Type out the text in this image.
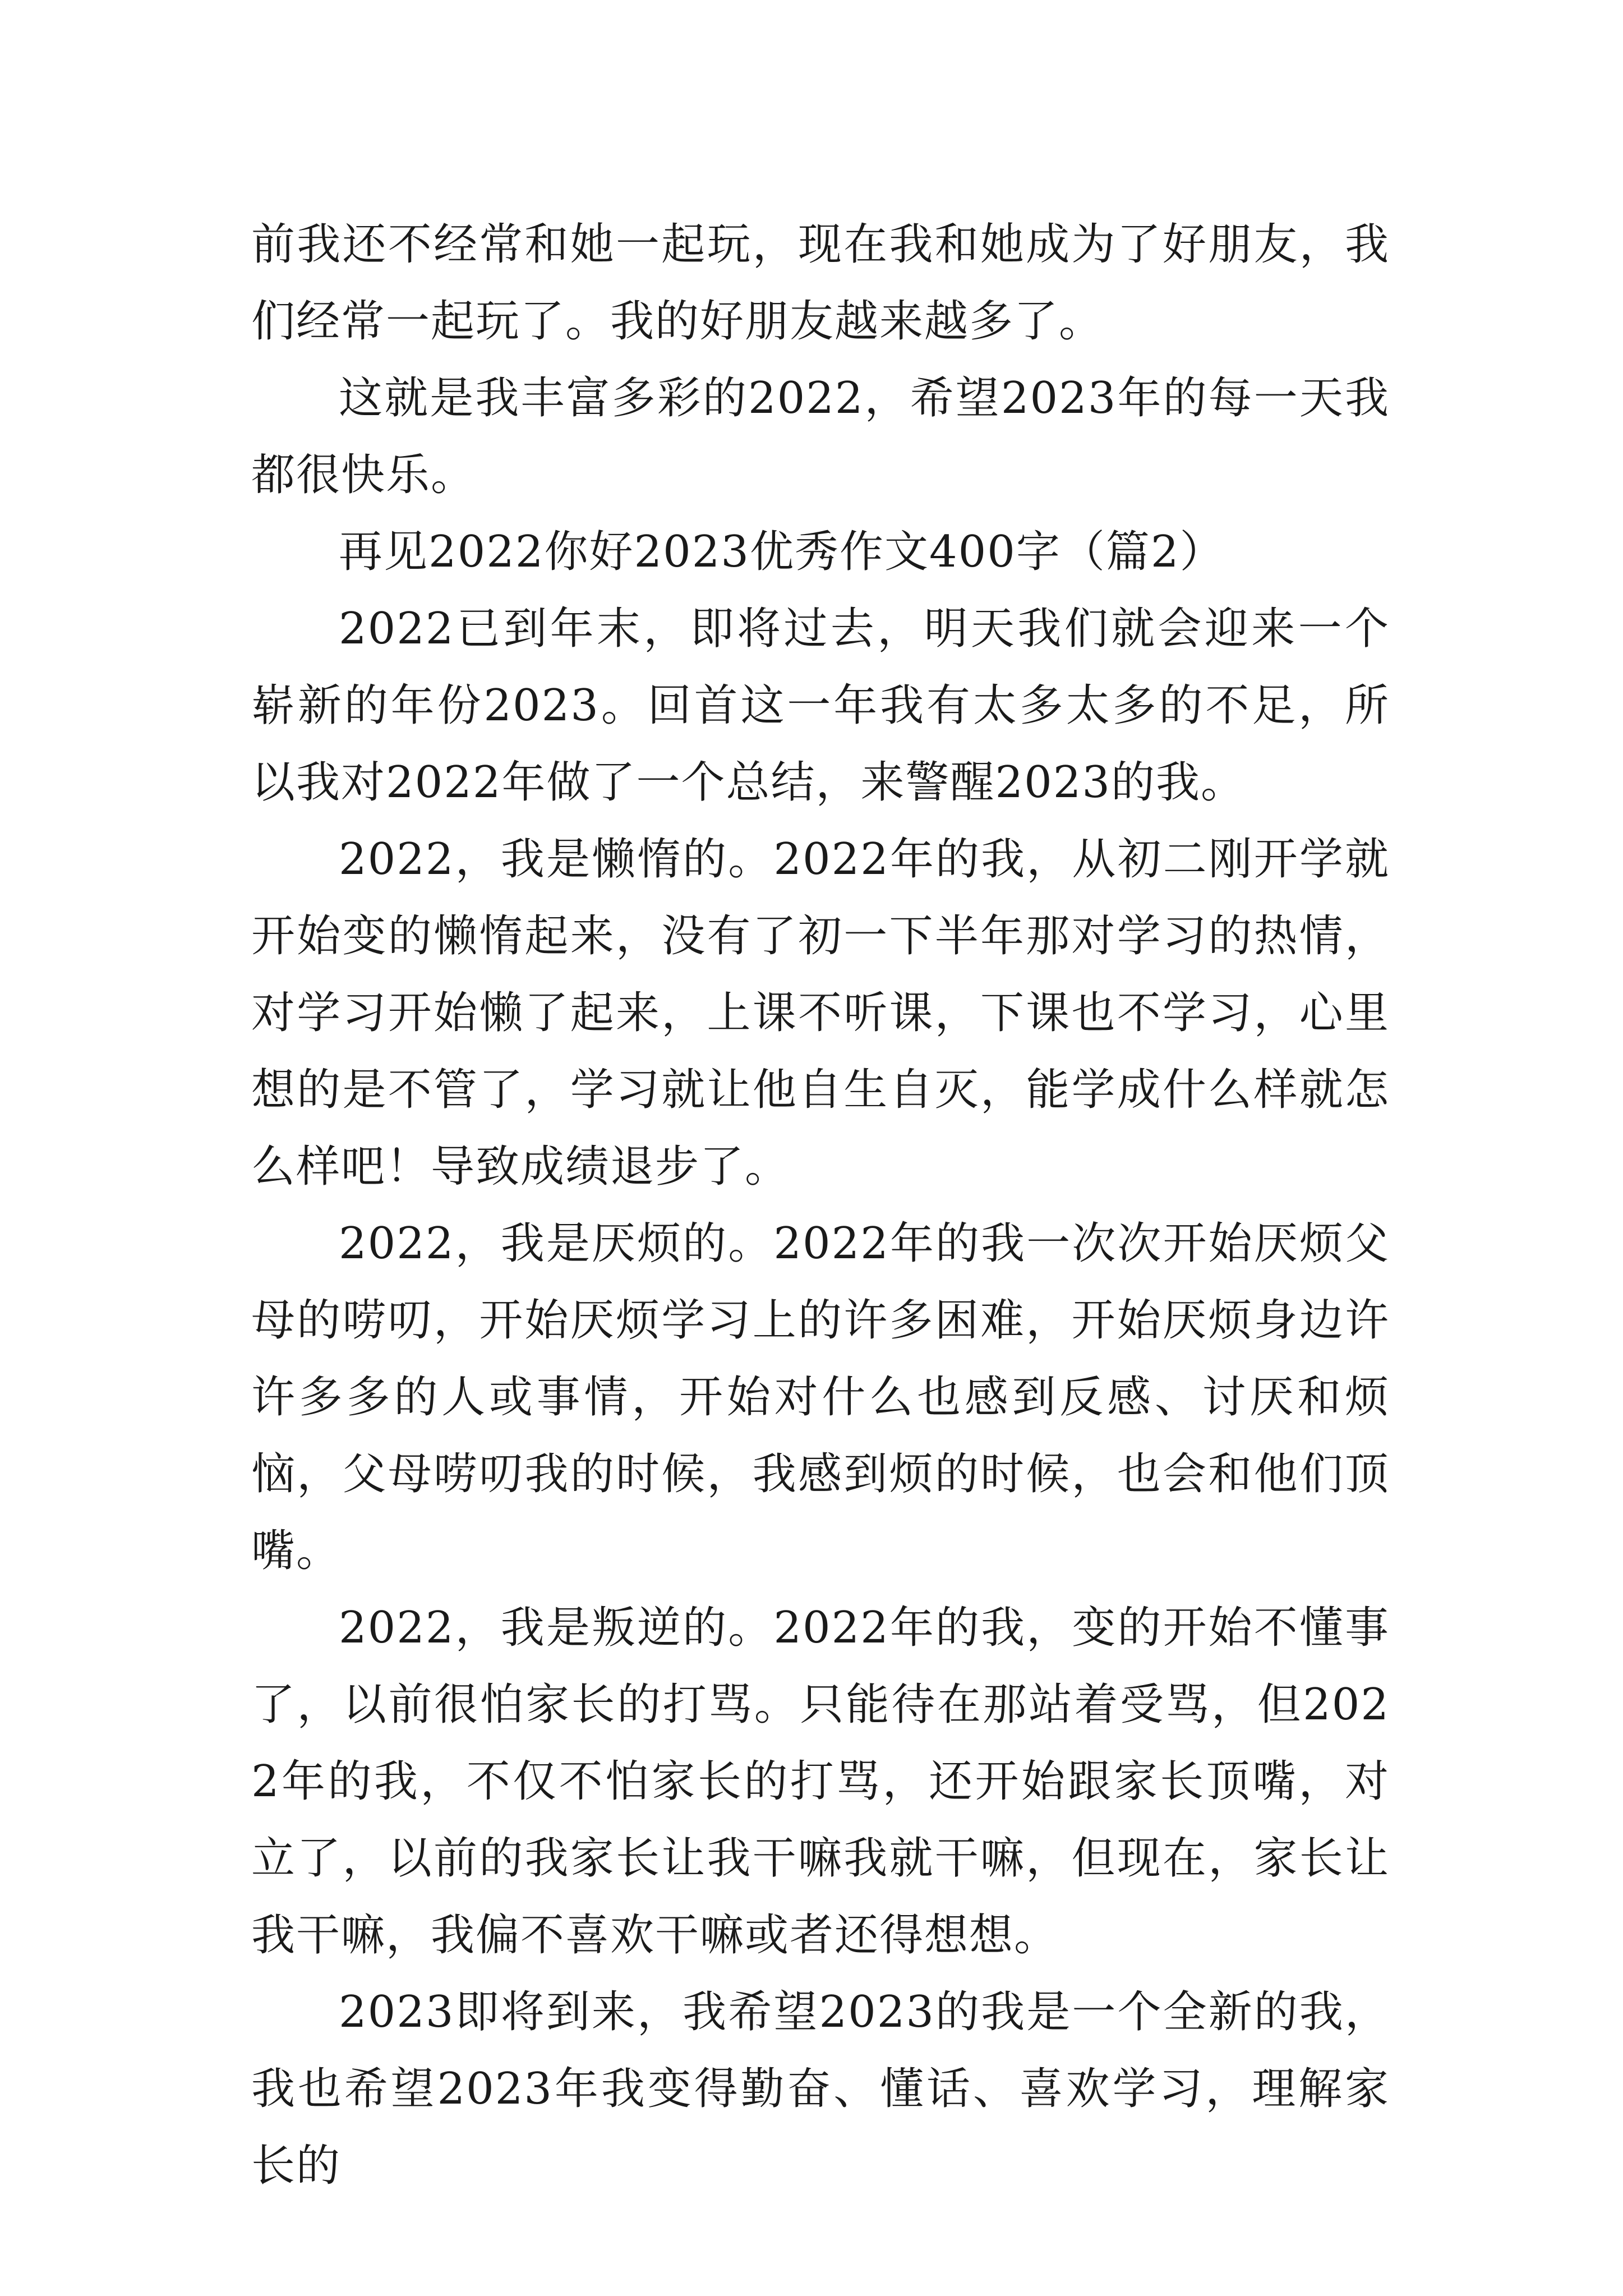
前我还不经常和她一起玩，现在我和她成为了好朋友，我们经常一起玩了。我的好朋友越来越多了。

这就是我丰富多彩的2022，希望2023年的每一天我都很快乐。

再见2022你好2023优秀作文400字（篇2）

2022已到年末，即将过去，明天我们就会迎来一个崭新的年份2023。回首这一年我有太多太多的不足，所以我对2022年做了一个总结，来警醒2023的我。

2022，我是懒惰的。2022年的我，从初二刚开学就开始变的懒惰起来，没有了初一下半年那对学习的热情，对学习开始懒了起来，上课不听课，下课也不学习，心里想的是不管了，学习就让他自生自灭，能学成什么样就怎么样吧！导致成绩退步了。

2022，我是厌烦的。2022年的我一次次开始厌烦父母的唠叨，开始厌烦学习上的许多困难，开始厌烦身边许许多多的人或事情，开始对什么也感到反感、讨厌和烦恼，父母唠叨我的时候，我感到烦的时候，也会和他们顶嘴。

2022，我是叛逆的。2022年的我，变的开始不懂事了，以前很怕家长的打骂。只能待在那站着受骂，但2022年的我，不仅不怕家长的打骂，还开始跟家长顶嘴，对立了，以前的我家长让我干嘛我就干嘛，但现在，家长让我干嘛，我偏不喜欢干嘛或者还得想想。

2023即将到来，我希望2023的我是一个全新的我，我也希望2023年我变得勤奋、懂话、喜欢学习，理解家长的
